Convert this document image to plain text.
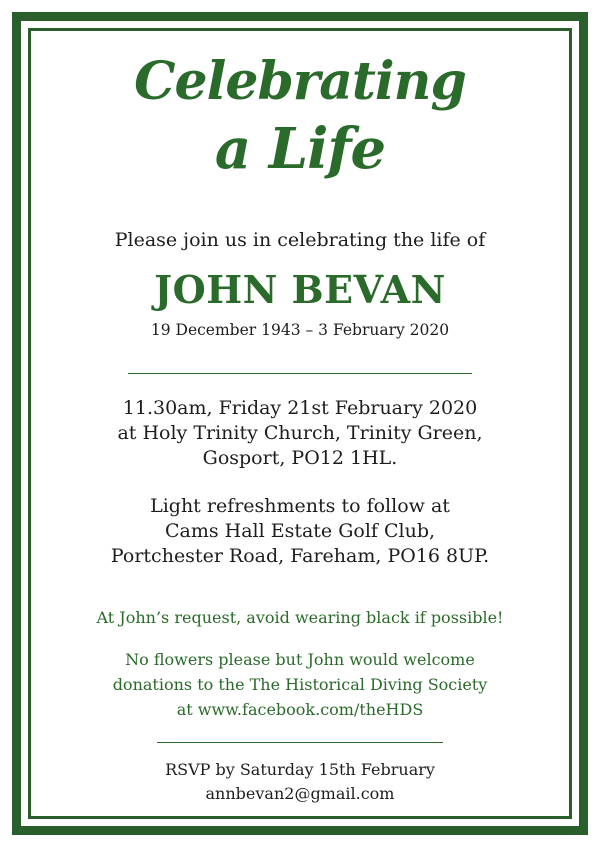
Celebrating
a Life
Please join us in celebrating the life of
JOHN BEVAN
19 December 1943 – 3 February 2020
11.30am, Friday 21st February 2020
at Holy Trinity Church, Trinity Green,
Gosport, PO12 1HL.
Light refreshments to follow at
Cams Hall Estate Golf Club,
Portchester Road, Fareham, PO16 8UP.
At John’s request, avoid wearing black if possible!
No flowers please but John would welcome
donations to the The Historical Diving Society
at www.facebook.com/theHDS
RSVP by Saturday 15th February
annbevan2@gmail.com
